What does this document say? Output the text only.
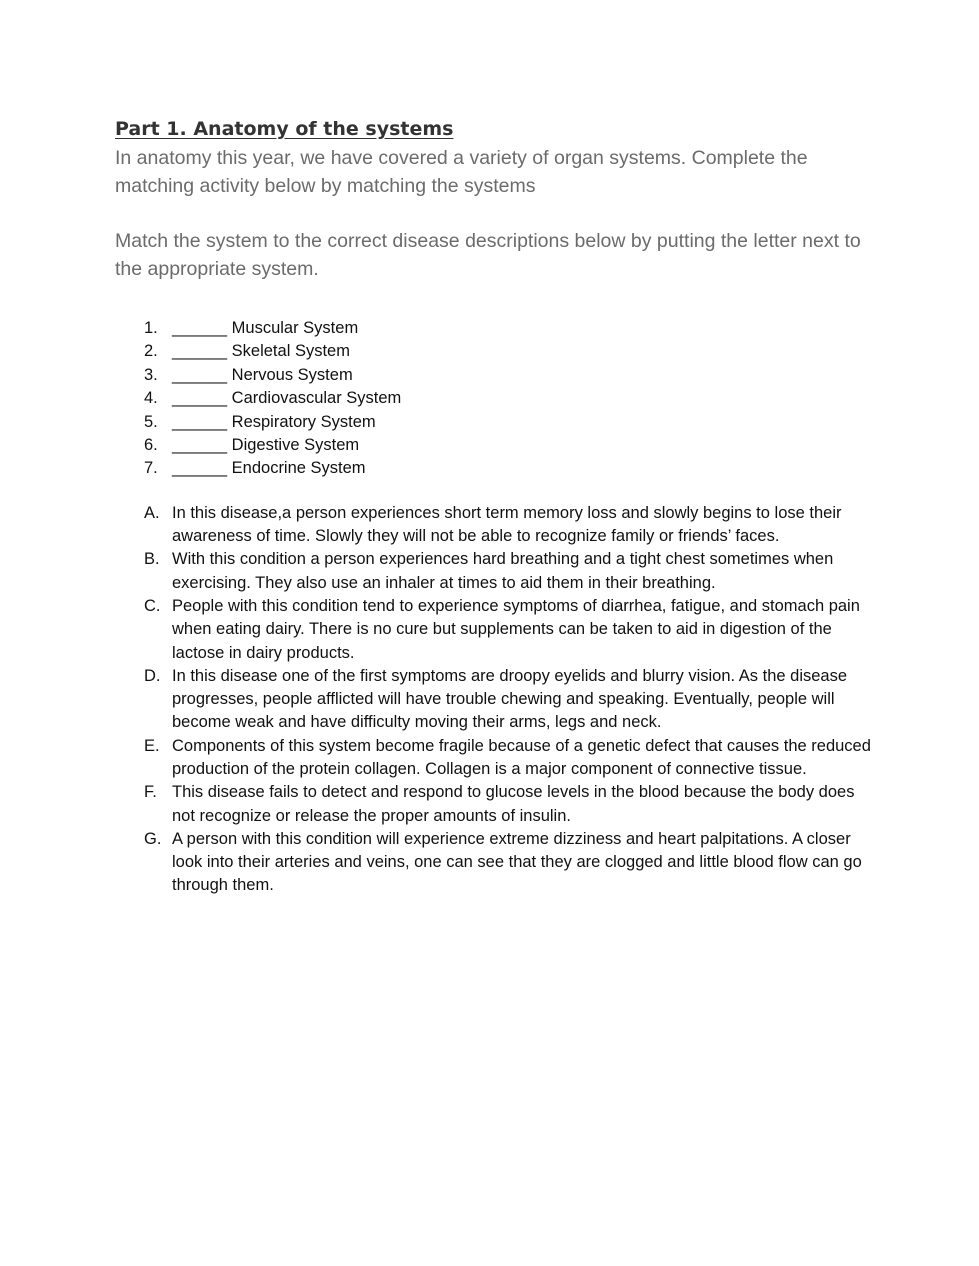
Part 1. Anatomy of the systems

In anatomy this year, we have covered a variety of organ systems. Complete the matching activity below by matching the systems

Match the system to the correct disease descriptions below by putting the letter next to the appropriate system.

1. ______ Muscular System
2. ______ Skeletal System
3. ______ Nervous System
4. ______ Cardiovascular System
5. ______ Respiratory System
6. ______ Digestive System
7. ______ Endocrine System
A. In this disease,a person experiences short term memory loss and slowly begins to lose their awareness of time. Slowly they will not be able to recognize family or friends’ faces.
B. With this condition a person experiences hard breathing and a tight chest sometimes when exercising. They also use an inhaler at times to aid them in their breathing.
C. People with this condition tend to experience symptoms of diarrhea, fatigue, and stomach pain when eating dairy. There is no cure but supplements can be taken to aid in digestion of the lactose in dairy products.
D. In this disease one of the first symptoms are droopy eyelids and blurry vision. As the disease progresses, people afflicted will have trouble chewing and speaking. Eventually, people will become weak and have difficulty moving their arms, legs and neck.
E. Components of this system become fragile because of a genetic defect that causes the reduced production of the protein collagen. Collagen is a major component of connective tissue.
F. This disease fails to detect and respond to glucose levels in the blood because the body does not recognize or release the proper amounts of insulin.
G. A person with this condition will experience extreme dizziness and heart palpitations. A closer look into their arteries and veins, one can see that they are clogged and little blood flow can go through them.
